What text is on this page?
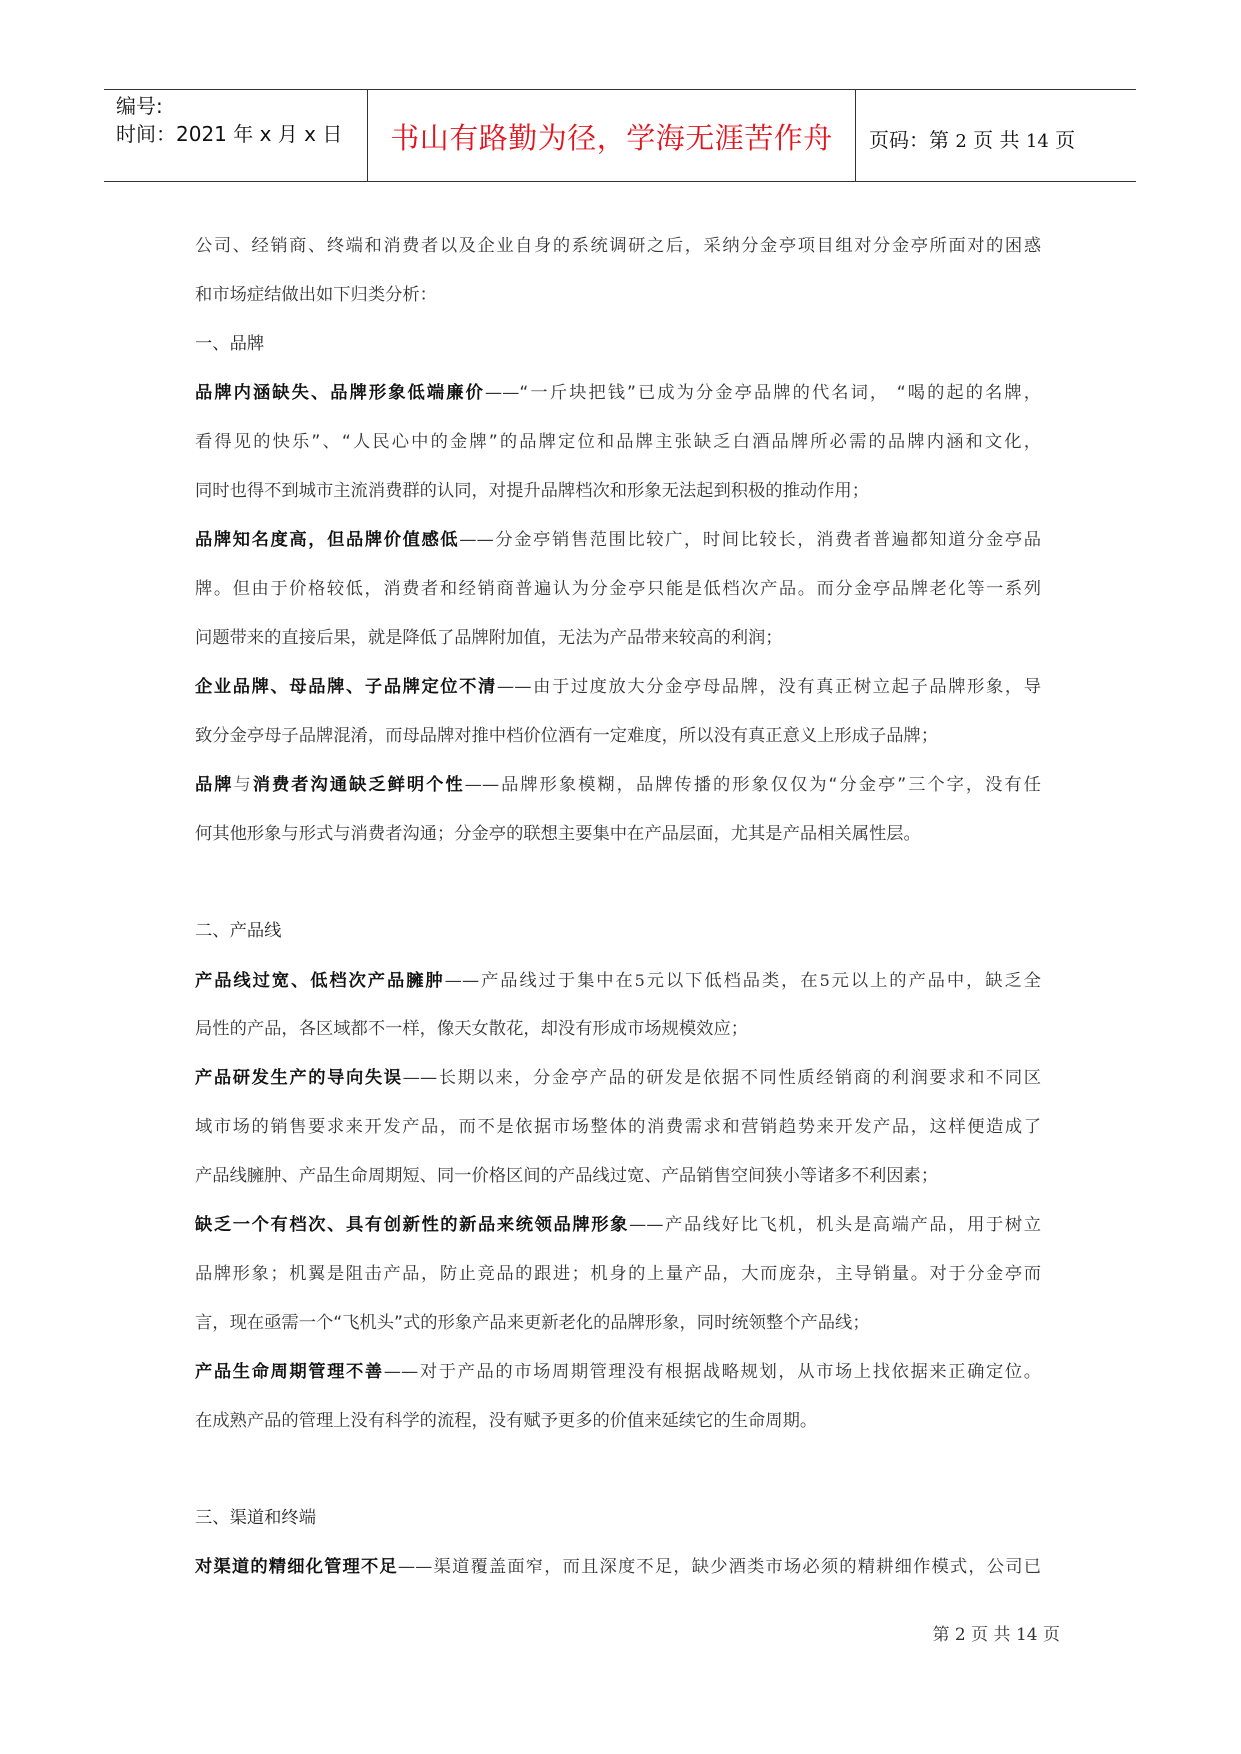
编号:
时间：2021 年 x 月 x 日	书山有路勤为径，学海无涯苦作舟	页码：第 2 页 共 14 页
公司、经销商、终端和消费者以及企业自身的系统调研之后，采纳分金亭项目组对分金亭所面对的困惑
和市场症结做出如下归类分析：
一、品牌
品牌内涵缺失、品牌形象低端廉价——“一斤块把钱”已成为分金亭品牌的代名词， “喝的起的名牌，
看得见的快乐”、“人民心中的金牌”的品牌定位和品牌主张缺乏白酒品牌所必需的品牌内涵和文化，
同时也得不到城市主流消费群的认同，对提升品牌档次和形象无法起到积极的推动作用；
品牌知名度高，但品牌价值感低——分金亭销售范围比较广，时间比较长，消费者普遍都知道分金亭品
牌。但由于价格较低，消费者和经销商普遍认为分金亭只能是低档次产品。而分金亭品牌老化等一系列
问题带来的直接后果，就是降低了品牌附加值，无法为产品带来较高的利润；
企业品牌、母品牌、子品牌定位不清——由于过度放大分金亭母品牌，没有真正树立起子品牌形象，导
致分金亭母子品牌混淆，而母品牌对推中档价位酒有一定难度，所以没有真正意义上形成子品牌；
品牌与消费者沟通缺乏鲜明个性——品牌形象模糊，品牌传播的形象仅仅为“分金亭”三个字，没有任
何其他形象与形式与消费者沟通；分金亭的联想主要集中在产品层面，尤其是产品相关属性层。
二、产品线
产品线过宽、低档次产品臃肿——产品线过于集中在5元以下低档品类，在5元以上的产品中，缺乏全
局性的产品，各区域都不一样，像天女散花，却没有形成市场规模效应；
产品研发生产的导向失误——长期以来，分金亭产品的研发是依据不同性质经销商的利润要求和不同区
域市场的销售要求来开发产品，而不是依据市场整体的消费需求和营销趋势来开发产品，这样便造成了
产品线臃肿、产品生命周期短、同一价格区间的产品线过宽、产品销售空间狭小等诸多不利因素；
缺乏一个有档次、具有创新性的新品来统领品牌形象——产品线好比飞机，机头是高端产品，用于树立
品牌形象；机翼是阻击产品，防止竞品的跟进；机身的上量产品，大而庞杂，主导销量。对于分金亭而
言，现在亟需一个“飞机头”式的形象产品来更新老化的品牌形象，同时统领整个产品线；
产品生命周期管理不善——对于产品的市场周期管理没有根据战略规划，从市场上找依据来正确定位。
在成熟产品的管理上没有科学的流程，没有赋予更多的价值来延续它的生命周期。
三、渠道和终端
对渠道的精细化管理不足——渠道覆盖面窄，而且深度不足，缺少酒类市场必须的精耕细作模式，公司已
第 2 页 共 14 页
